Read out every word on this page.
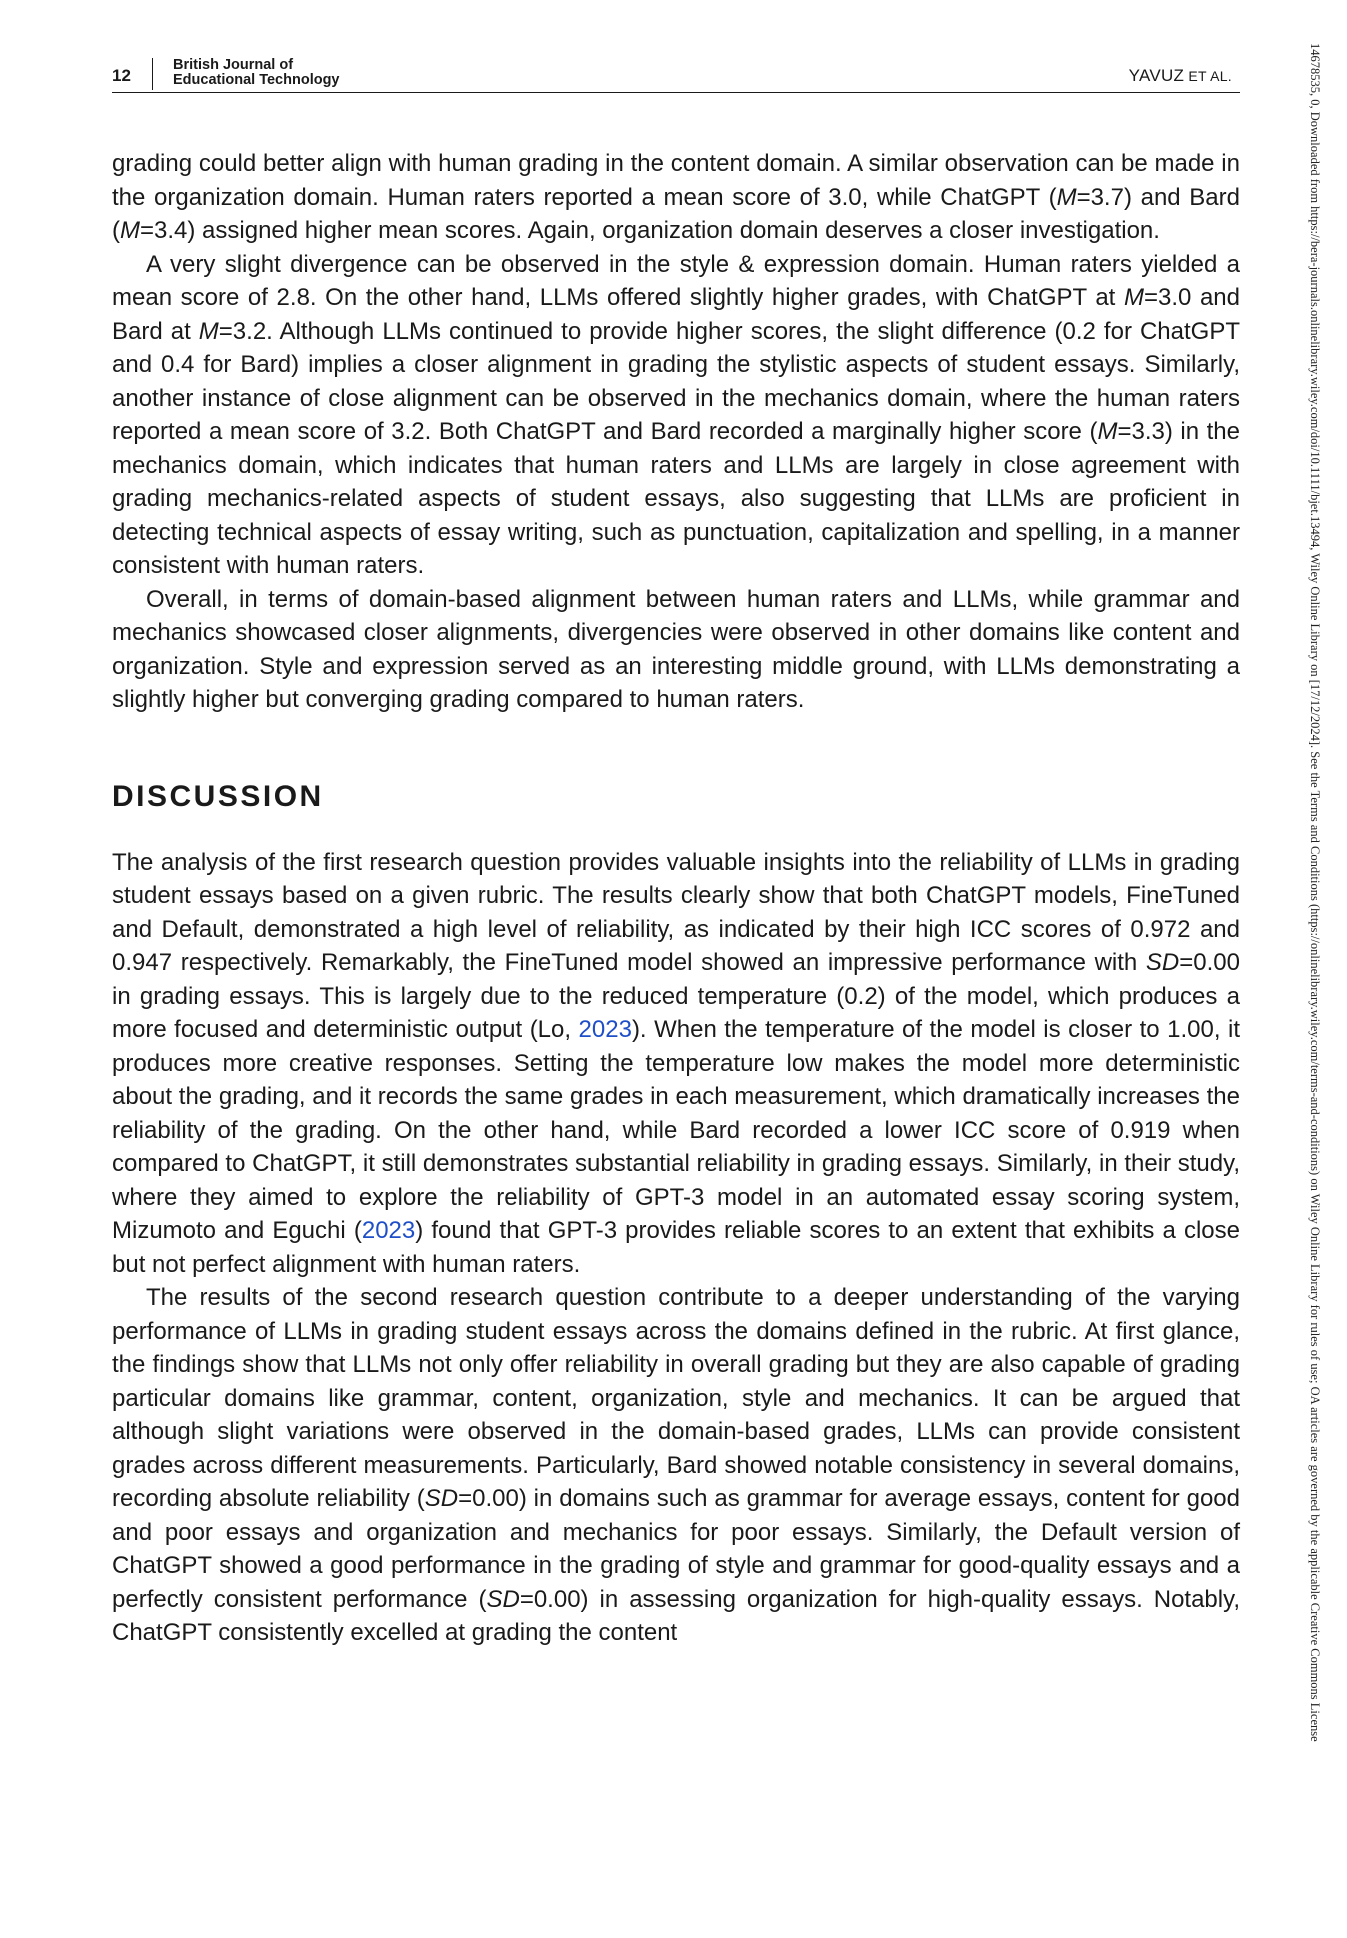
12
British Journal of
Educational Technology	YAVUZ ET AL.	14678535, 0, Downloaded from https://bera-journals.onlinelibrary.wiley.com/doi/10.1111/bjet.13494, Wiley Online Library on [17/12/2024]. See the Terms and Conditions (https://onlinelibrary.wiley.com/terms-and-conditions) on Wiley Online Library for rules of use; OA articles are governed by the applicable Creative Commons License

grading could better align with human grading in the content domain. A similar observation can be made in the organization domain. Human raters reported a mean score of 3.0, while ChatGPT (M=3.7) and Bard (M=3.4) assigned higher mean scores. Again, organization domain deserves a closer investigation.

A very slight divergence can be observed in the style & expression domain. Human raters yielded a mean score of 2.8. On the other hand, LLMs offered slightly higher grades, with ChatGPT at M=3.0 and Bard at M=3.2. Although LLMs continued to provide higher scores, the slight difference (0.2 for ChatGPT and 0.4 for Bard) implies a closer alignment in grading the stylistic aspects of student essays. Similarly, another instance of close alignment can be observed in the mechanics domain, where the human raters reported a mean score of 3.2. Both ChatGPT and Bard recorded a marginally higher score (M=3.3) in the mechanics domain, which indicates that human raters and LLMs are largely in close agreement with grading mechanics-related aspects of student essays, also suggesting that LLMs are proficient in detecting technical aspects of essay writing, such as punctuation, capitalization and spelling, in a manner consistent with human raters.

Overall, in terms of domain-based alignment between human raters and LLMs, while grammar and mechanics showcased closer alignments, divergencies were observed in other domains like content and organization. Style and expression served as an interesting middle ground, with LLMs demonstrating a slightly higher but converging grading compared to human raters.

DISCUSSION

The analysis of the first research question provides valuable insights into the reliability of LLMs in grading student essays based on a given rubric. The results clearly show that both ChatGPT models, FineTuned and Default, demonstrated a high level of reliability, as indicated by their high ICC scores of 0.972 and 0.947 respectively. Remarkably, the FineTuned model showed an impressive performance with SD=0.00 in grading essays. This is largely due to the reduced temperature (0.2) of the model, which produces a more focused and deterministic output (Lo, 2023). When the temperature of the model is closer to 1.00, it produces more creative responses. Setting the temperature low makes the model more deterministic about the grading, and it records the same grades in each measurement, which dramatically increases the reliability of the grading. On the other hand, while Bard recorded a lower ICC score of 0.919 when compared to ChatGPT, it still demonstrates substantial reliability in grading essays. Similarly, in their study, where they aimed to explore the reliability of GPT-3 model in an automated essay scoring system, Mizumoto and Eguchi (2023) found that GPT-3 provides reliable scores to an extent that exhibits a close but not perfect alignment with human raters.

The results of the second research question contribute to a deeper understanding of the varying performance of LLMs in grading student essays across the domains defined in the rubric. At first glance, the findings show that LLMs not only offer reliability in overall grading but they are also capable of grading particular domains like grammar, content, organization, style and mechanics. It can be argued that although slight variations were observed in the domain-based grades, LLMs can provide consistent grades across different measurements. Particularly, Bard showed notable consistency in several domains, recording absolute reliability (SD=0.00) in domains such as grammar for average essays, content for good and poor essays and organization and mechanics for poor essays. Similarly, the Default version of ChatGPT showed a good performance in the grading of style and grammar for good-quality essays and a perfectly consistent performance (SD=0.00) in assessing organization for high-quality essays. Notably, ChatGPT consistently excelled at grading the content
